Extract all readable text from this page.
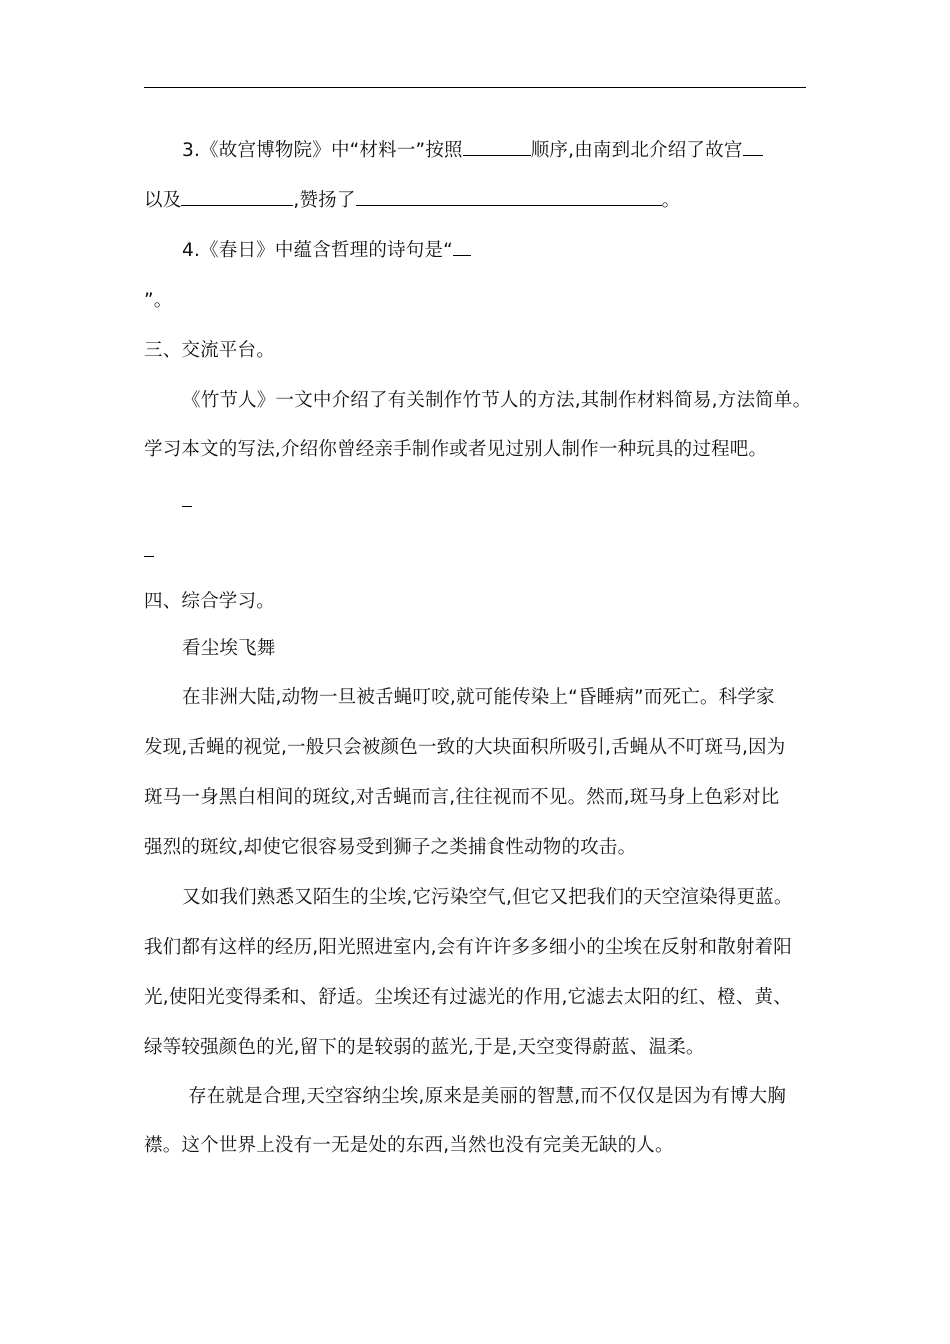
3.《故宫博物院》中“材料一”按照	顺序,由南到北介绍了故宫
以及	,赞扬了	。
4.《春日》中蕴含哲理的诗句是“
”。
三、交流平台。
《竹节人》一文中介绍了有关制作竹节人的方法,其制作材料简易,方法简单。
学习本文的写法,介绍你曾经亲手制作或者见过别人制作一种玩具的过程吧。
四、综合学习。
看尘埃飞舞
在非洲大陆,动物一旦被舌蝇叮咬,就可能传染上“昏睡病”而死亡。科学家
发现,舌蝇的视觉,一般只会被颜色一致的大块面积所吸引,舌蝇从不叮斑马,因为
斑马一身黑白相间的斑纹,对舌蝇而言,往往视而不见。然而,斑马身上色彩对比
强烈的斑纹,却使它很容易受到狮子之类捕食性动物的攻击。
又如我们熟悉又陌生的尘埃,它污染空气,但它又把我们的天空渲染得更蓝。
我们都有这样的经历,阳光照进室内,会有许许多多细小的尘埃在反射和散射着阳
光,使阳光变得柔和、舒适。尘埃还有过滤光的作用,它滤去太阳的红、橙、黄、
绿等较强颜色的光,留下的是较弱的蓝光,于是,天空变得蔚蓝、温柔。
存在就是合理,天空容纳尘埃,原来是美丽的智慧,而不仅仅是因为有博大胸
襟。这个世界上没有一无是处的东西,当然也没有完美无缺的人。
